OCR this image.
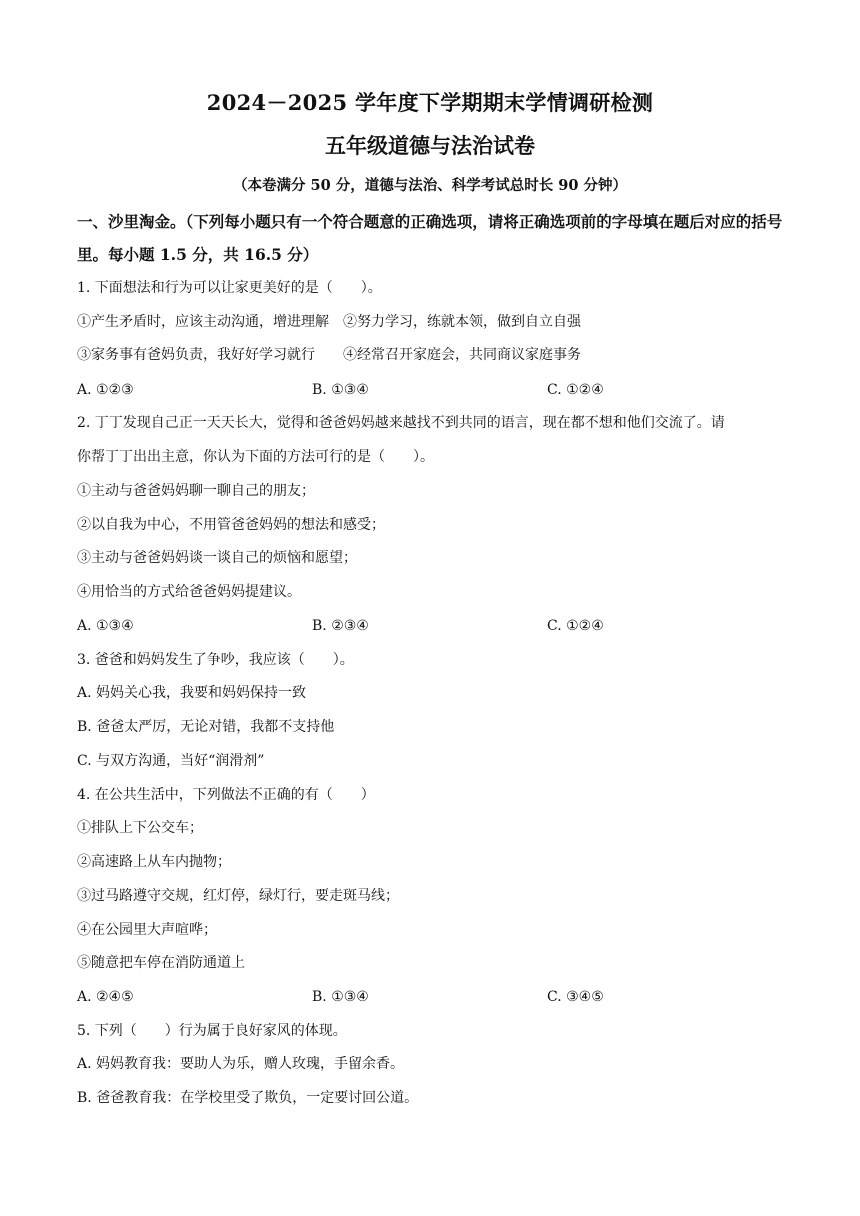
2024－2025 学年度下学期期末学情调研检测
五年级道德与法治试卷
（本卷满分 50 分，道德与法治、科学考试总时长 90 分钟）
一、沙里淘金。（下列每小题只有一个符合题意的正确选项，请将正确选项前的字母填在题后对应的括号里。每小题 1.5 分，共 16.5 分）
1. 下面想法和行为可以让家更美好的是（　　）。
①产生矛盾时，应该主动沟通，增进理解　②努力学习，练就本领，做到自立自强
③家务事有爸妈负责，我好好学习就行　　④经常召开家庭会，共同商议家庭事务
A. ①②③	B. ①③④	C. ①②④
2. 丁丁发现自己正一天天长大，觉得和爸爸妈妈越来越找不到共同的语言，现在都不想和他们交流了。请
你帮丁丁出出主意，你认为下面的方法可行的是（　　）。
①主动与爸爸妈妈聊一聊自己的朋友；
②以自我为中心，不用管爸爸妈妈的想法和感受；
③主动与爸爸妈妈谈一谈自己的烦恼和愿望；
④用恰当的方式给爸爸妈妈提建议。
A. ①③④	B. ②③④	C. ①②④
3. 爸爸和妈妈发生了争吵，我应该（　　）。
A. 妈妈关心我，我要和妈妈保持一致
B. 爸爸太严厉，无论对错，我都不支持他
C. 与双方沟通，当好“润滑剂”
4. 在公共生活中，下列做法不正确的有（　　）
①排队上下公交车；
②高速路上从车内抛物；
③过马路遵守交规，红灯停，绿灯行，要走斑马线；
④在公园里大声喧哗；
⑤随意把车停在消防通道上
A. ②④⑤	B. ①③④	C. ③④⑤
5. 下列（　　）行为属于良好家风的体现。
A. 妈妈教育我：要助人为乐，赠人玫瑰，手留余香。
B. 爸爸教育我：在学校里受了欺负，一定要讨回公道。
